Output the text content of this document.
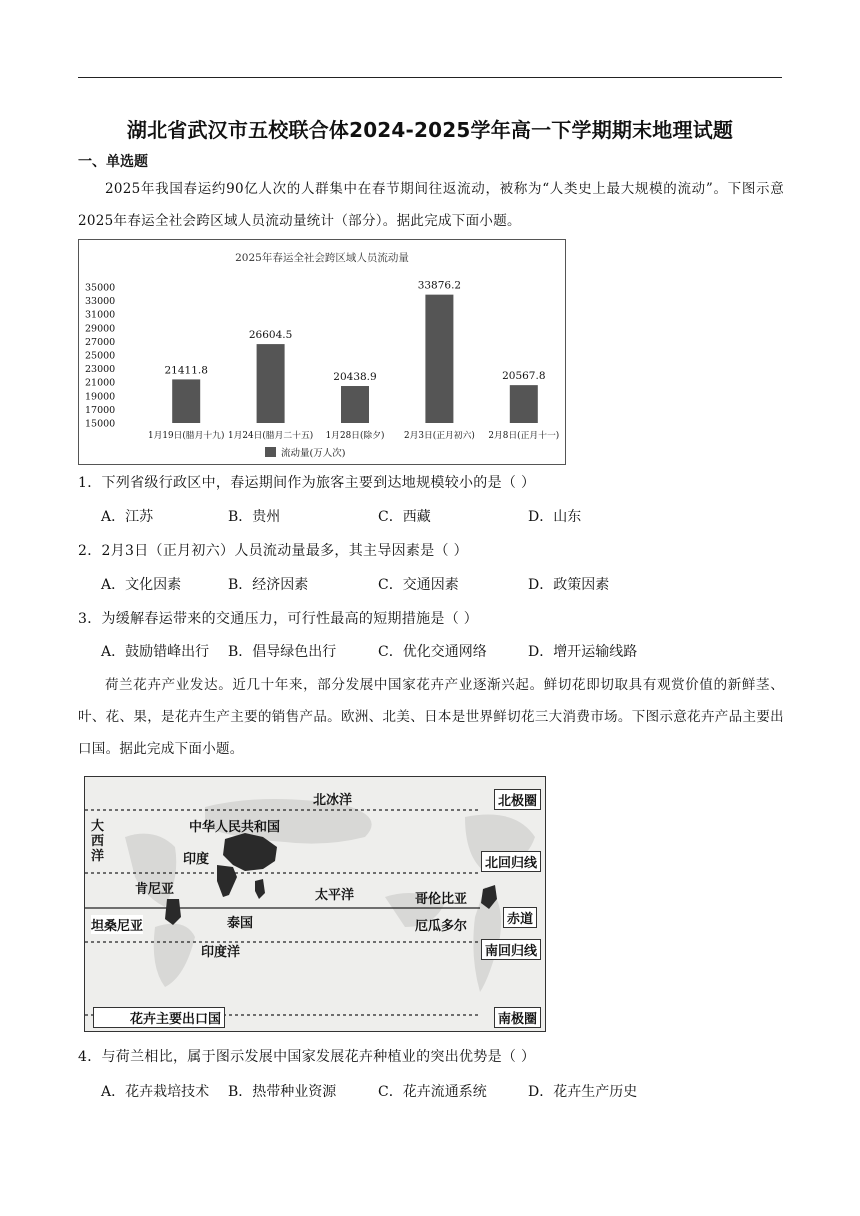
湖北省武汉市五校联合体2024-2025学年高一下学期期末地理试题
一、单选题
2025年我国春运约90亿人次的人群集中在春节期间往返流动，被称为“人类史上最大规模的流动”。下图示意2025年春运全社会跨区域人员流动量统计（部分）。据此完成下面小题。
2025年春运全社会跨区域人员流动量
15000
17000
19000
21000
23000
25000
27000
29000
31000
33000
35000
21411.8
1月19日(腊月十九)
26604.5
1月24日(腊月二十五)
20438.9
1月28日(除夕)
33876.2
2月3日(正月初六)
20567.8
2月8日(正月十一)
流动量(万人次)
1．下列省级行政区中，春运期间作为旅客主要到达地规模较小的是（ ）
A．江苏	B．贵州	C．西藏	D．山东
2．2月3日（正月初六）人员流动量最多，其主导因素是（ ）
A．文化因素	B．经济因素	C．交通因素	D．政策因素
3．为缓解春运带来的交通压力，可行性最高的短期措施是（ ）
A．鼓励错峰出行 B．倡导绿色出行	C．优化交通网络	D．增开运输线路
荷兰花卉产业发达。近几十年来，部分发展中国家花卉产业逐渐兴起。鲜切花即切取具有观赏价值的新鲜茎、叶、花、果，是花卉生产主要的销售产品。欧洲、北美、日本是世界鲜切花三大消费市场。下图示意花卉产品主要出口国。据此完成下面小题。
北冰洋	北极圈
大西洋
中华人民共和国
印度	北回归线
肯尼亚	太平洋	哥伦比亚
坦桑尼亚	泰国	厄瓜多尔	赤道
印度洋	南回归线
花卉主要出口国	南极圈
4．与荷兰相比，属于图示发展中国家发展花卉种植业的突出优势是（ ）
A．花卉栽培技术 B．热带种业资源	C．花卉流通系统	D．花卉生产历史
